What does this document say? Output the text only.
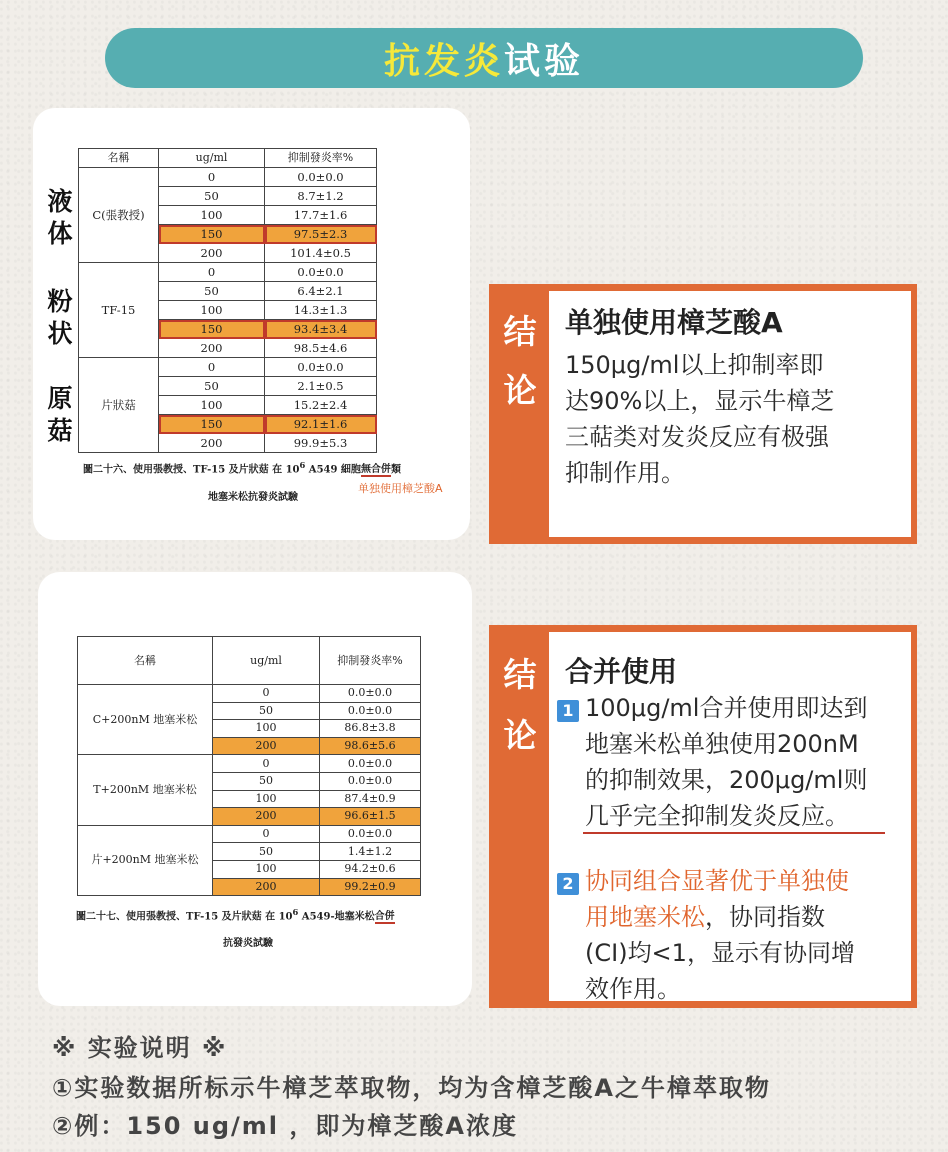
抗发炎 试验
名稱	ug/ml	抑制發炎率%
C(張教授)	0	0.0±0.0
	50	8.7±1.2
	100	17.7±1.6
	150	97.5±2.3
	200	101.4±0.5
TF-15	0	0.0±0.0
	50	6.4±2.1
	100	14.3±1.3
	150	93.4±3.4
	200	98.5±4.6
片狀菇	0	0.0±0.0
	50	2.1±0.5
	100	15.2±2.4
	150	92.1±1.6
	200	99.9±5.3
液体
粉状
原菇
圖二十六、使用張教授、TF-15 及片狀菇 在 $10^6$ A549 細胞無合併類
地塞米松抗發炎試驗
单独使用樟芝酸A
名稱	ug/ml	抑制發炎率%
C+200nM 地塞米松	0	0.0±0.0
	50	0.0±0.0
	100	86.8±3.8
	200	98.6±5.6
T+200nM 地塞米松	0	0.0±0.0
	50	0.0±0.0
	100	87.4±0.9
	200	96.6±1.5
片+200nM 地塞米松	0	0.0±0.0
	50	1.4±1.2
	100	94.2±0.6
	200	99.2±0.9
圖二十七、使用張教授、TF-15 及片狀菇 在 $10^6$ A549-地塞米松合併
抗發炎試驗
结
论
单独使用樟芝酸A
150μg/ml以上抑制率即
达90%以上，显示牛樟芝
三萜类对发炎反应有极强
抑制作用。
结
论
合并使用
1 100μg/ml合并使用即达到
地塞米松单独使用200nM
的抑制效果，200μg/ml则
几乎完全抑制发炎反应。
2 协同组合显著优于单独使
用地塞米松，协同指数
(CI)均<1，显示有协同增
效作用。
※ 实验说明 ※
①实验数据所标示牛樟芝萃取物，均为含樟芝酸A之牛樟萃取物
②例：150 ug/ml ，即为樟芝酸A浓度
